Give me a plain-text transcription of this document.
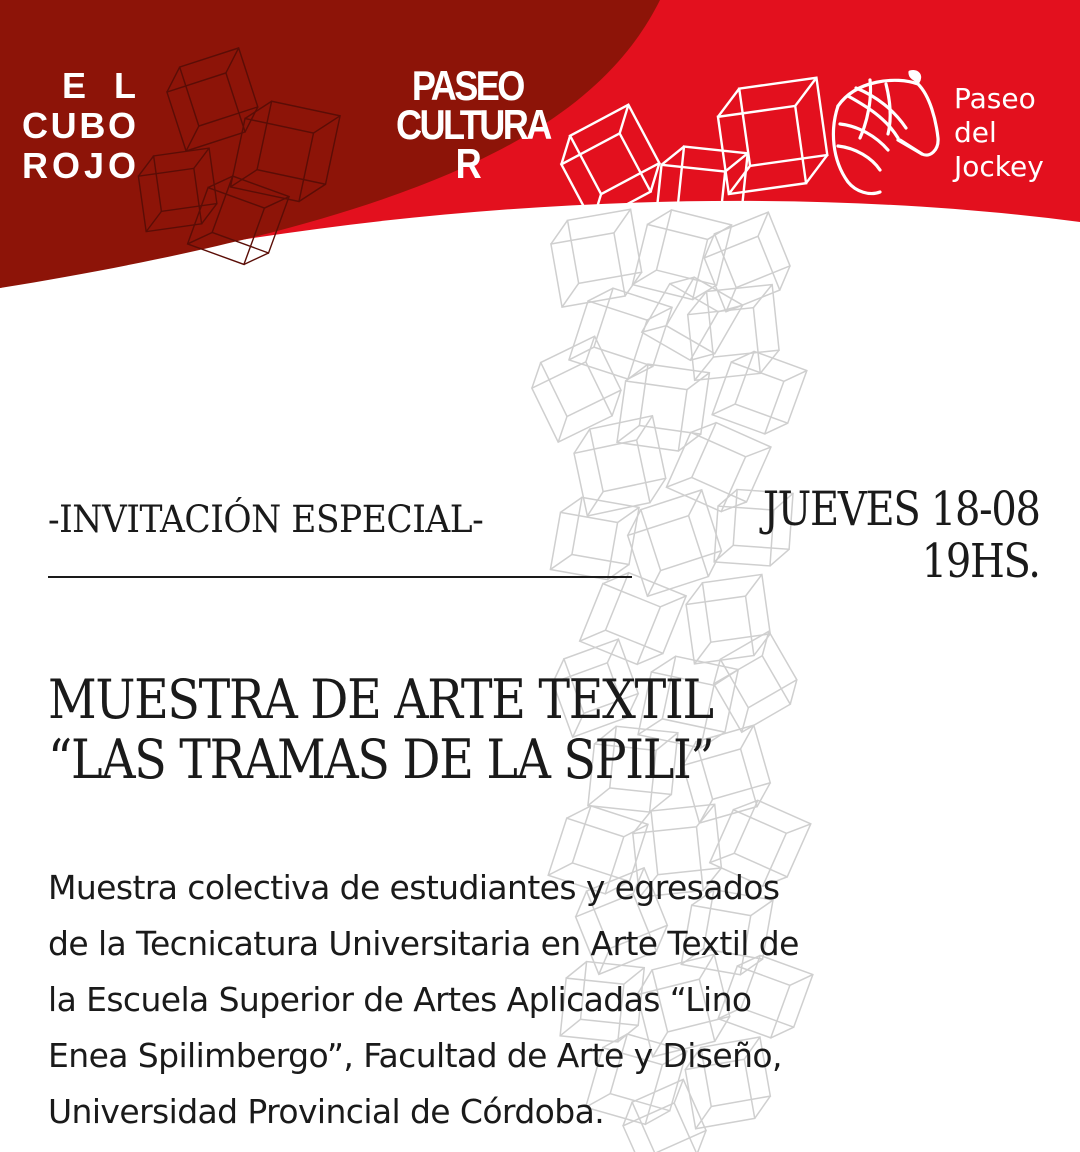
E L
C U B O
R O J O
PASEO
CULTURA
R
Paseo
del
Jockey
-INVITACIÓN ESPECIAL-	JUEVES 18-08
19HS.
MUESTRA DE ARTE TEXTIL
“LAS TRAMAS DE LA SPILI”
Muestra colectiva de estudiantes y egresados
de la Tecnicatura Universitaria en Arte Textil de
la Escuela Superior de Artes Aplicadas “Lino
Enea Spilimbergo”, Facultad de Arte y Diseño,
Universidad Provincial de Córdoba.
